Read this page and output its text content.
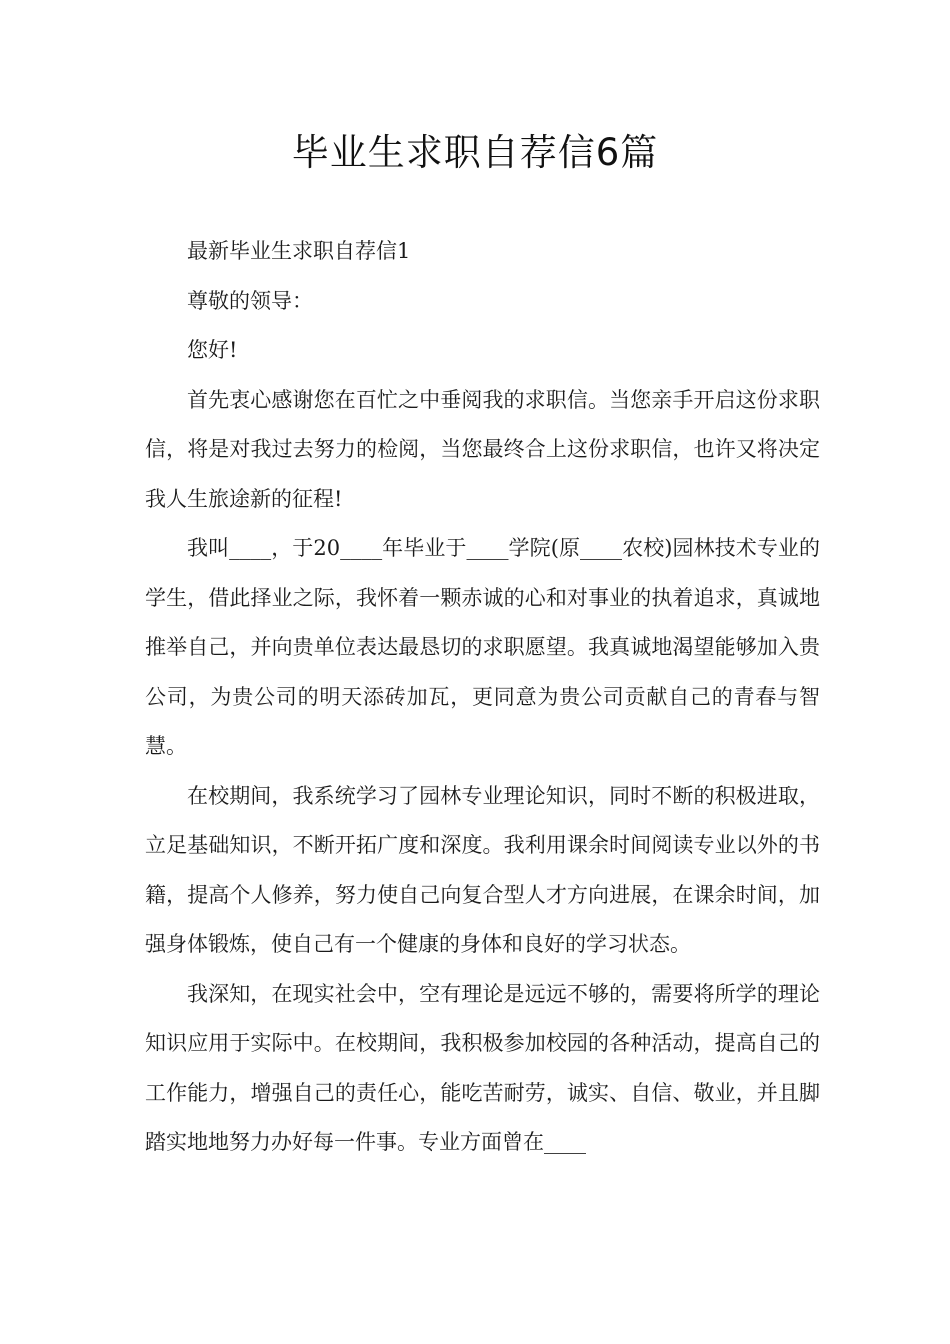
毕业生求职自荐信6篇

最新毕业生求职自荐信1

尊敬的领导：

您好!

首先衷心感谢您在百忙之中垂阅我的求职信。当您亲手开启这份求职信，将是对我过去努力的检阅，当您最终合上这份求职信，也许又将决定我人生旅途新的征程!

我叫____，于20____年毕业于____学院(原____农校)园林技术专业的学生，借此择业之际，我怀着一颗赤诚的心和对事业的执着追求，真诚地推举自己，并向贵单位表达最恳切的求职愿望。我真诚地渴望能够加入贵公司，为贵公司的明天添砖加瓦，更同意为贵公司贡献自己的青春与智慧。

在校期间，我系统学习了园林专业理论知识，同时不断的积极进取，立足基础知识，不断开拓广度和深度。我利用课余时间阅读专业以外的书籍，提高个人修养，努力使自己向复合型人才方向进展，在课余时间，加强身体锻炼，使自己有一个健康的身体和良好的学习状态。

我深知，在现实社会中，空有理论是远远不够的，需要将所学的理论知识应用于实际中。在校期间，我积极参加校园的各种活动，提高自己的工作能力，增强自己的责任心，能吃苦耐劳，诚实、自信、敬业，并且脚踏实地地努力办好每一件事。专业方面曾在____
